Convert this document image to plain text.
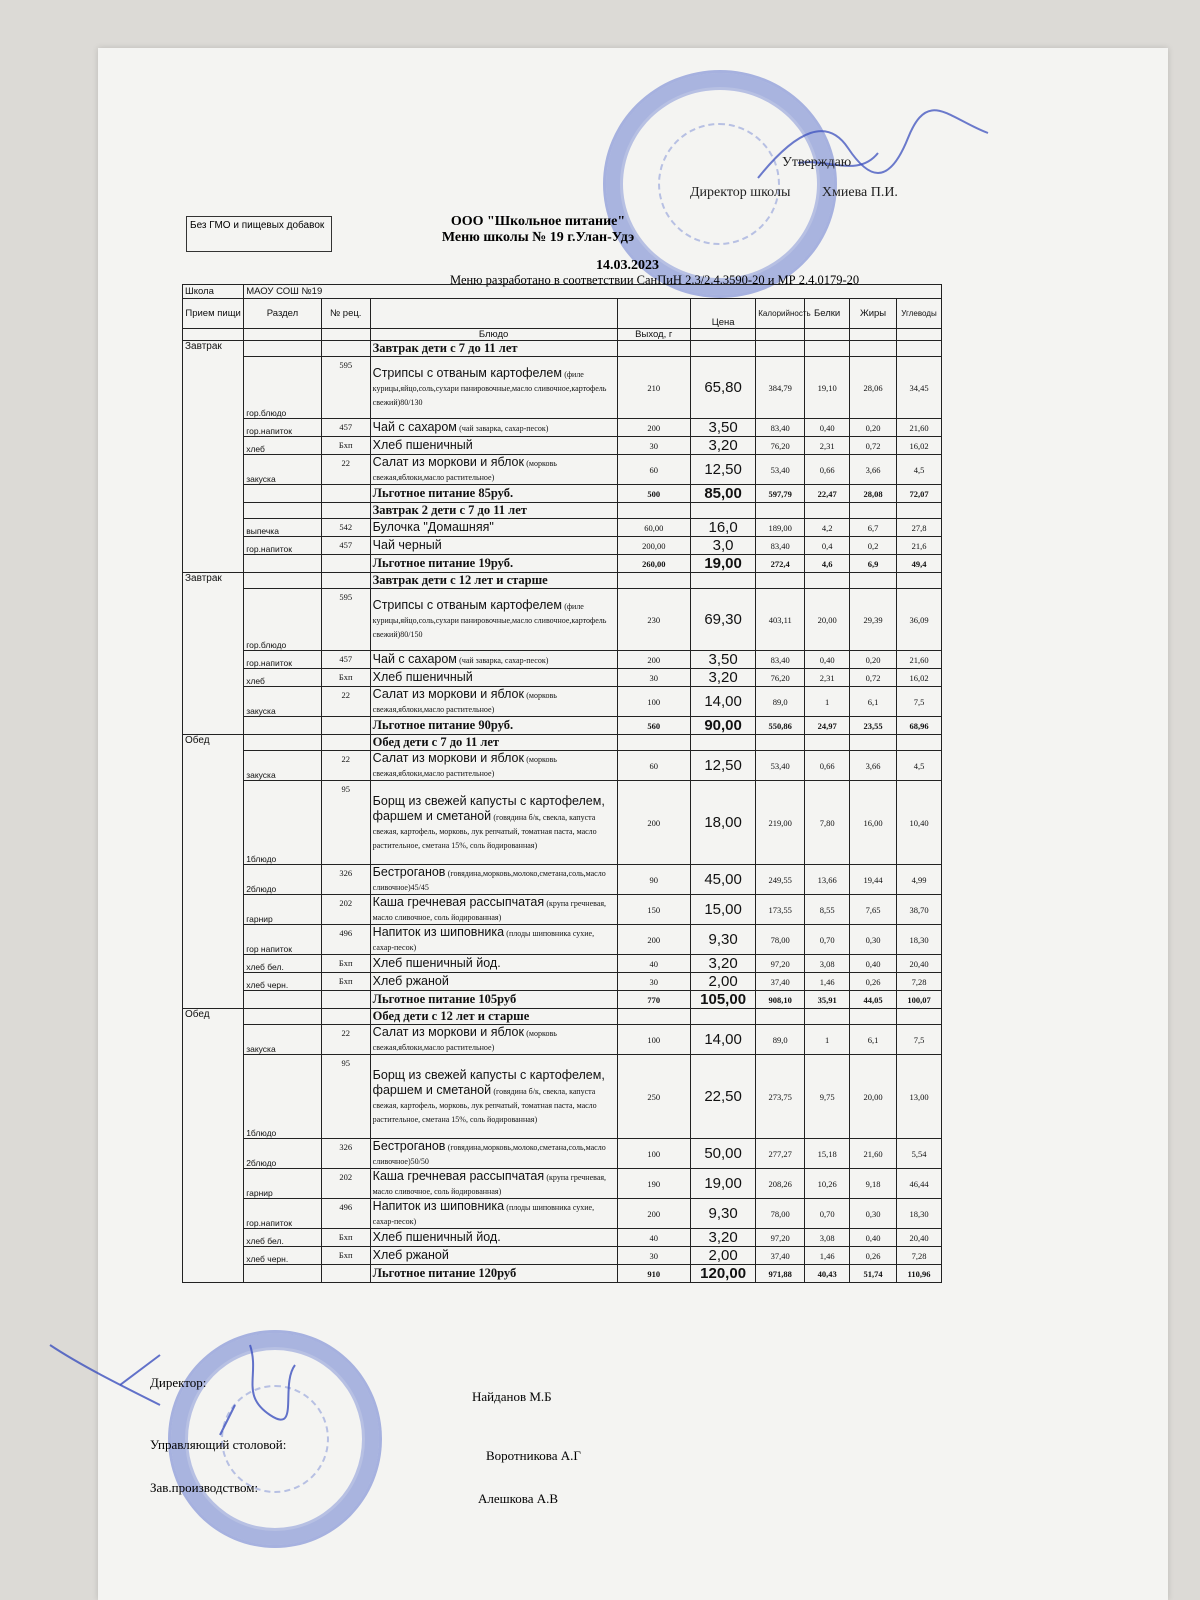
Утверждаю
Директор школы Хмиева П.И.
Без ГМО и пищевых добавок	ООО "Школьное питание"
Меню школы № 19 г.Улан-Удэ
14.03.2023
Меню разработано в соответствии СанПиН 2.3/2.4.3590-20 и МР 2.4.0179-20
Школа	МАОУ СОШ №19								
Прием пищи	Раздел	№ рец.			Цена	Калорийность	Белки	Жиры	Углеводы
			Блюдо	Выход, г					
Завтрак			Завтрак дети с 7 до 11 лет						
	гор.блюдо	595	Стрипсы с отваным картофелем (филе курицы,яйцо,соль,сухари панировочные,масло сливочное,картофель свежий)80/130	210	65,80	384,79	19,10	28,06	34,45
	гор.напиток	457	Чай с сахаром (чай заварка, сахар-песок)	200	3,50	83,40	0,40	0,20	21,60
	хлеб	Бхп	Хлеб пшеничный	30	3,20	76,20	2,31	0,72	16,02
	закуска	22	Салат из моркови и яблок (морковь свежая,яблоки,масло растительное)	60	12,50	53,40	0,66	3,66	4,5
			Льготное питание 85руб.	500	85,00	597,79	22,47	28,08	72,07
			Завтрак 2 дети с 7 до 11 лет						
	выпечка	542	Булочка "Домашняя"	60,00	16,0	189,00	4,2	6,7	27,8
	гор.напиток	457	Чай черный	200,00	3,0	83,40	0,4	0,2	21,6
			Льготное питание 19руб.	260,00	19,00	272,4	4,6	6,9	49,4
Завтрак			Завтрак дети с 12 лет и старше						
	гор.блюдо	595	Стрипсы с отваным картофелем (филе курицы,яйцо,соль,сухари панировочные,масло сливочное,картофель свежий)80/150	230	69,30	403,11	20,00	29,39	36,09
	гор.напиток	457	Чай с сахаром (чай заварка, сахар-песок)	200	3,50	83,40	0,40	0,20	21,60
	хлеб	Бхп	Хлеб пшеничный	30	3,20	76,20	2,31	0,72	16,02
	закуска	22	Салат из моркови и яблок (морковь свежая,яблоки,масло растительное)	100	14,00	89,0	1	6,1	7,5
			Льготное питание 90руб.	560	90,00	550,86	24,97	23,55	68,96
Обед			Обед дети с 7 до 11 лет						
	закуска	22	Салат из моркови и яблок (морковь свежая,яблоки,масло растительное)	60	12,50	53,40	0,66	3,66	4,5
	1блюдо	95	Борщ из свежей капусты с картофелем, фаршем и сметаной (говядина б/к, свекла, капуста свежая, картофель, морковь, лук репчатый, томатная паста, масло растительное, сметана 15%, соль йодированная)	200	18,00	219,00	7,80	16,00	10,40
	2блюдо	326	Бестроганов (говядина,морковь,молоко,сметана,соль,масло сливочное)45/45	90	45,00	249,55	13,66	19,44	4,99
	гарнир	202	Каша гречневая рассыпчатая (крупа гречневая, масло сливочное, соль йодированная)	150	15,00	173,55	8,55	7,65	38,70
	гор напиток	496	Напиток из шиповника (плоды шиповника сухие, сахар-песок)	200	9,30	78,00	0,70	0,30	18,30
	хлеб бел.	Бхп	Хлеб пшеничный йод.	40	3,20	97,20	3,08	0,40	20,40
	хлеб черн.	Бхп	Хлеб ржаной	30	2,00	37,40	1,46	0,26	7,28
			Льготное питание 105руб	770	105,00	908,10	35,91	44,05	100,07
Обед			Обед дети с 12 лет и старше						
	закуска	22	Салат из моркови и яблок (морковь свежая,яблоки,масло растительное)	100	14,00	89,0	1	6,1	7,5
	1блюдо	95	Борщ из свежей капусты с картофелем, фаршем и сметаной (говядина б/к, свекла, капуста свежая, картофель, морковь, лук репчатый, томатная паста, масло растительное, сметана 15%, соль йодированная)	250	22,50	273,75	9,75	20,00	13,00
	2блюдо	326	Бестроганов (говядина,морковь,молоко,сметана,соль,масло сливочное)50/50	100	50,00	277,27	15,18	21,60	5,54
	гарнир	202	Каша гречневая рассыпчатая (крупа гречневая, масло сливочное, соль йодированная)	190	19,00	208,26	10,26	9,18	46,44
	гор.напиток	496	Напиток из шиповника (плоды шиповника сухие, сахар-песок)	200	9,30	78,00	0,70	0,30	18,30
	хлеб бел.	Бхп	Хлеб пшеничный йод.	40	3,20	97,20	3,08	0,40	20,40
	хлеб черн.	Бхп	Хлеб ржаной	30	2,00	37,40	1,46	0,26	7,28
			Льготное питание 120руб	910	120,00	971,88	40,43	51,74	110,96
Директор:
Найданов М.Б
Управляющий столовой:
Воротникова А.Г
Зав.производством:
Алешкова А.В
